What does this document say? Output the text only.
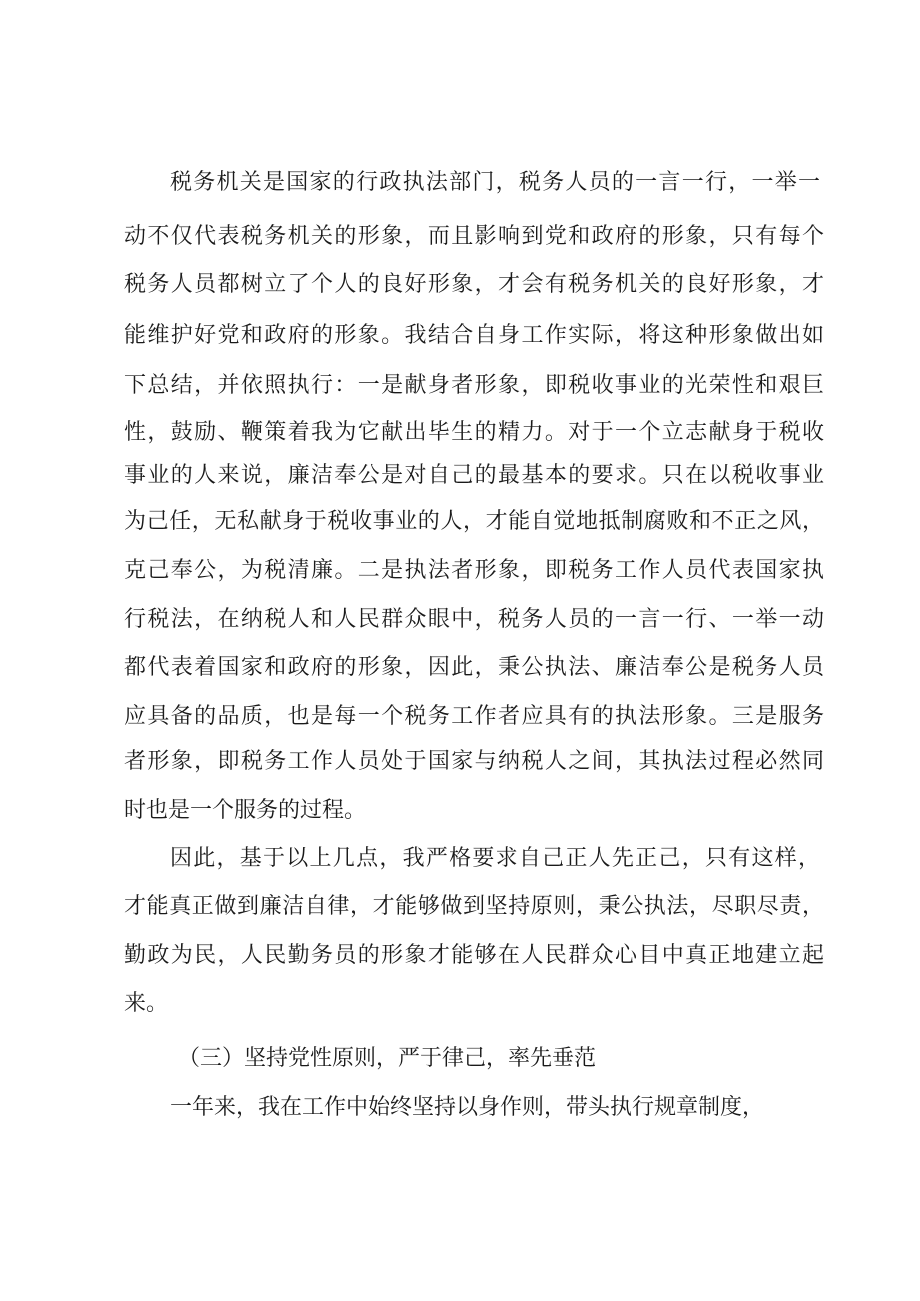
税务机关是国家的行政执法部门，税务人员的一言一行，一举一
动不仅代表税务机关的形象，而且影响到党和政府的形象，只有每个
税务人员都树立了个人的良好形象，才会有税务机关的良好形象，才
能维护好党和政府的形象。我结合自身工作实际，将这种形象做出如
下总结，并依照执行：一是献身者形象，即税收事业的光荣性和艰巨
性，鼓励、鞭策着我为它献出毕生的精力。对于一个立志献身于税收
事业的人来说，廉洁奉公是对自己的最基本的要求。只在以税收事业
为己任，无私献身于税收事业的人，才能自觉地抵制腐败和不正之风，
克己奉公，为税清廉。二是执法者形象，即税务工作人员代表国家执
行税法，在纳税人和人民群众眼中，税务人员的一言一行、一举一动
都代表着国家和政府的形象，因此，秉公执法、廉洁奉公是税务人员
应具备的品质，也是每一个税务工作者应具有的执法形象。三是服务
者形象，即税务工作人员处于国家与纳税人之间，其执法过程必然同
时也是一个服务的过程。
因此，基于以上几点，我严格要求自己正人先正己，只有这样，
才能真正做到廉洁自律，才能够做到坚持原则，秉公执法，尽职尽责，
勤政为民，人民勤务员的形象才能够在人民群众心目中真正地建立起
来。
（三）坚持党性原则，严于律己，率先垂范
一年来，我在工作中始终坚持以身作则，带头执行规章制度，
